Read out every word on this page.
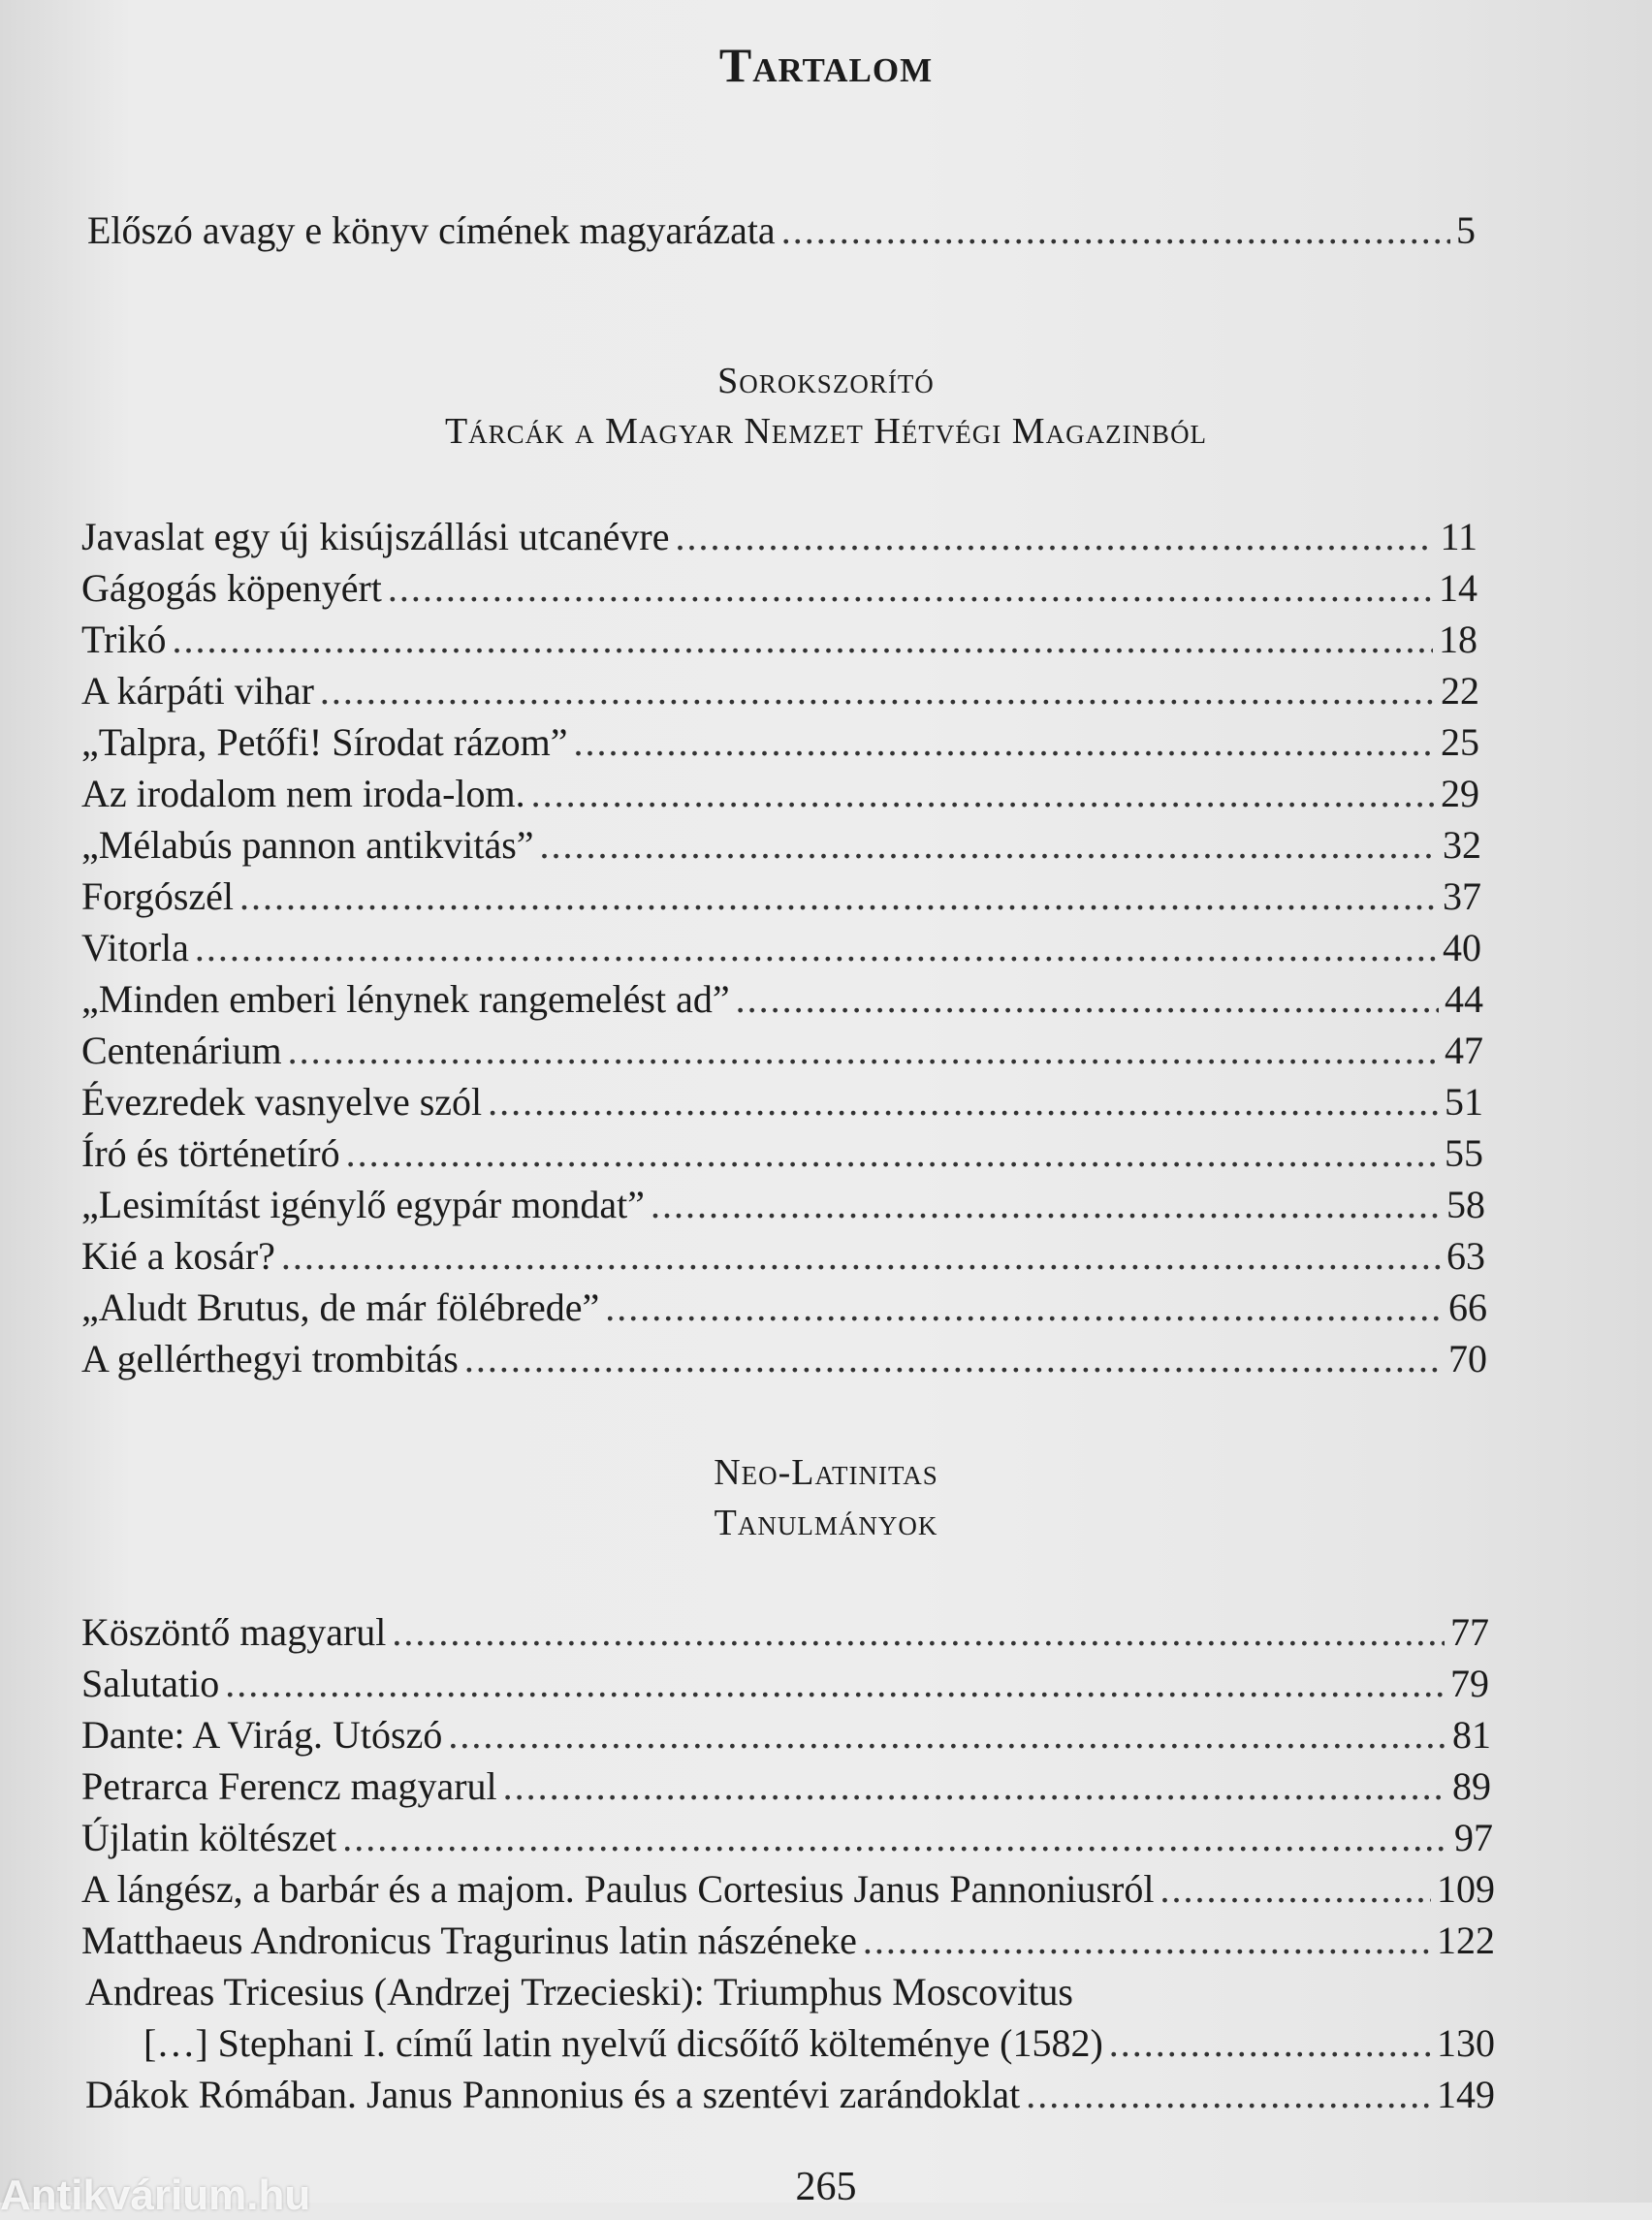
Tartalom
Előszó avagy e könyv címének magyarázata .....	5
Sorokszorító
Tárcák a Magyar Nemzet Hétvégi Magazinból
Javaslat egy új kisújszállási utcanévre .....	11
Gágogás köpenyért .....	14
Trikó .....	18
A kárpáti vihar .....	22
„Talpra, Petőfi! Sírodat rázom” .....	25
Az irodalom nem iroda-lom. .....	29
„Mélabús pannon antikvitás” .....	32
Forgószél .....	37
Vitorla .....	40
„Minden emberi lénynek rangemelést ad” .....	44
Centenárium .....	47
Évezredek vasnyelve szól .....	51
Író és történetíró .....	55
„Lesimítást igénylő egypár mondat” .....	58
Kié a kosár? .....	63
„Aludt Brutus, de már fölébrede” .....	66
A gellérthegyi trombitás .....	70
Neo-Latinitas
Tanulmányok
Köszöntő magyarul .....	77
Salutatio .....	79
Dante: A Virág. Utószó .....	81
Petrarca Ferencz magyarul .....	89
Újlatin költészet .....	97
A lángész, a barbár és a majom. Paulus Cortesius Janus Pannoniusról .....	109
Matthaeus Andronicus Tragurinus latin nászéneke .....	122
Andreas Tricesius (Andrzej Trzecieski): Triumphus Moscovitus
[…] Stephani I. című latin nyelvű dicsőítő költeménye (1582) .....	130
Dákok Rómában. Janus Pannonius és a szentévi zarándoklat .....	149
265
Antikvárium.hu
